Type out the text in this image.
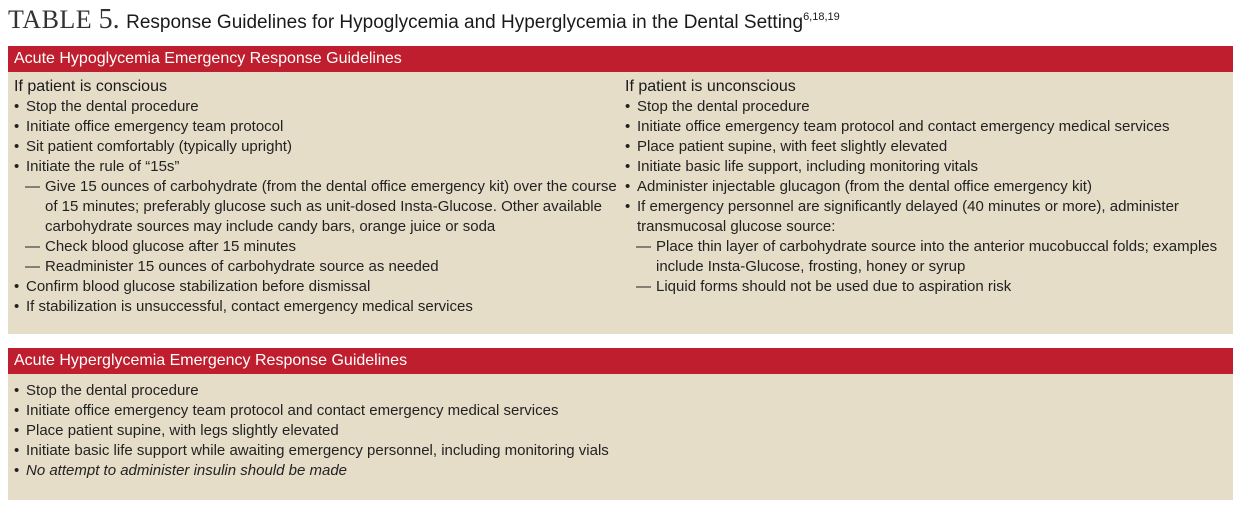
TABLE 5. Response Guidelines for Hypoglycemia and Hyperglycemia in the Dental Setting$^{6,18,19}$
Acute Hypoglycemia Emergency Response Guidelines
If patient is conscious
• Stop the dental procedure
• Initiate office emergency team protocol
• Sit patient comfortably (typically upright)
• Initiate the rule of “15s”
— Give 15 ounces of carbohydrate (from the dental office emergency kit) over the course of 15 minutes; preferably glucose such as unit-dosed Insta-Glucose. Other available carbohydrate sources may include candy bars, orange juice or soda
— Check blood glucose after 15 minutes
— Readminister 15 ounces of carbohydrate source as needed
• Confirm blood glucose stabilization before dismissal
• If stabilization is unsuccessful, contact emergency medical services
If patient is unconscious
• Stop the dental procedure
• Initiate office emergency team protocol and contact emergency medical services
• Place patient supine, with feet slightly elevated
• Initiate basic life support, including monitoring vitals
• Administer injectable glucagon (from the dental office emergency kit)
• If emergency personnel are significantly delayed (40 minutes or more), administer transmucosal glucose source:
— Place thin layer of carbohydrate source into the anterior mucobuccal folds; examples include Insta-Glucose, frosting, honey or syrup
— Liquid forms should not be used due to aspiration risk
Acute Hyperglycemia Emergency Response Guidelines
• Stop the dental procedure
• Initiate office emergency team protocol and contact emergency medical services
• Place patient supine, with legs slightly elevated
• Initiate basic life support while awaiting emergency personnel, including monitoring vials
• No attempt to administer insulin should be made
